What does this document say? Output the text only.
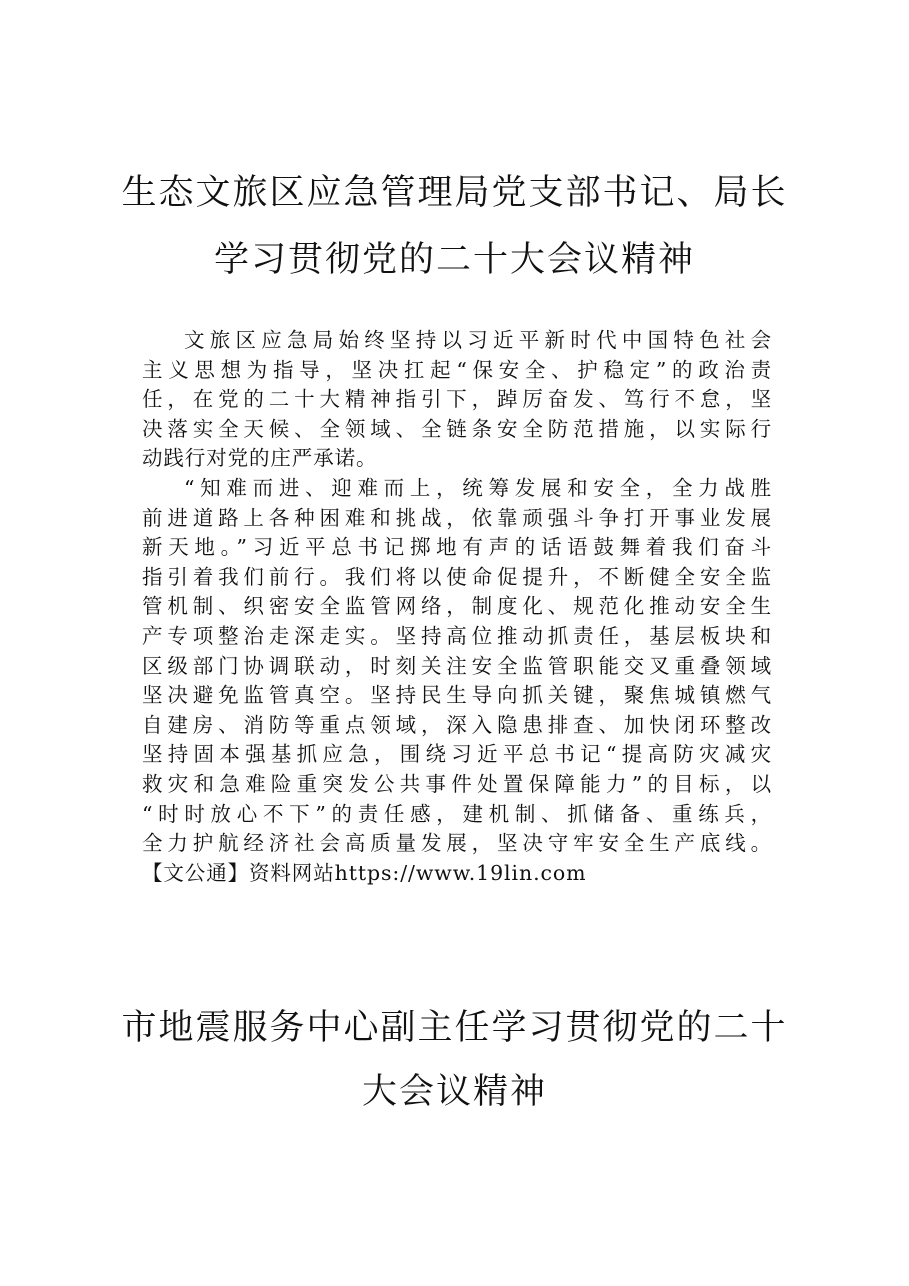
生态文旅区应急管理局党支部书记、局长
学习贯彻党的二十大会议精神

文旅区应急局始终坚持以习近平新时代中国特色社会
主义思想为指导，坚决扛起“保安全、护稳定”的政治责
任，在党的二十大精神指引下，踔厉奋发、笃行不怠，坚
决落实全天候、全领域、全链条安全防范措施，以实际行
动践行对党的庄严承诺。

“知难而进、迎难而上，统筹发展和安全，全力战胜
前进道路上各种困难和挑战，依靠顽强斗争打开事业发展
新天地。”习近平总书记掷地有声的话语鼓舞着我们奋斗
指引着我们前行。我们将以使命促提升，不断健全安全监
管机制、织密安全监管网络，制度化、规范化推动安全生
产专项整治走深走实。坚持高位推动抓责任，基层板块和
区级部门协调联动，时刻关注安全监管职能交叉重叠领域
坚决避免监管真空。坚持民生导向抓关键，聚焦城镇燃气
自建房、消防等重点领域，深入隐患排查、加快闭环整改
坚持固本强基抓应急，围绕习近平总书记“提高防灾减灾
救灾和急难险重突发公共事件处置保障能力”的目标，以
“时时放心不下”的责任感，建机制、抓储备、重练兵，
全力护航经济社会高质量发展，坚决守牢安全生产底线。
【文公通】资料网站https://www.19lin.com

市地震服务中心副主任学习贯彻党的二十
大会议精神
